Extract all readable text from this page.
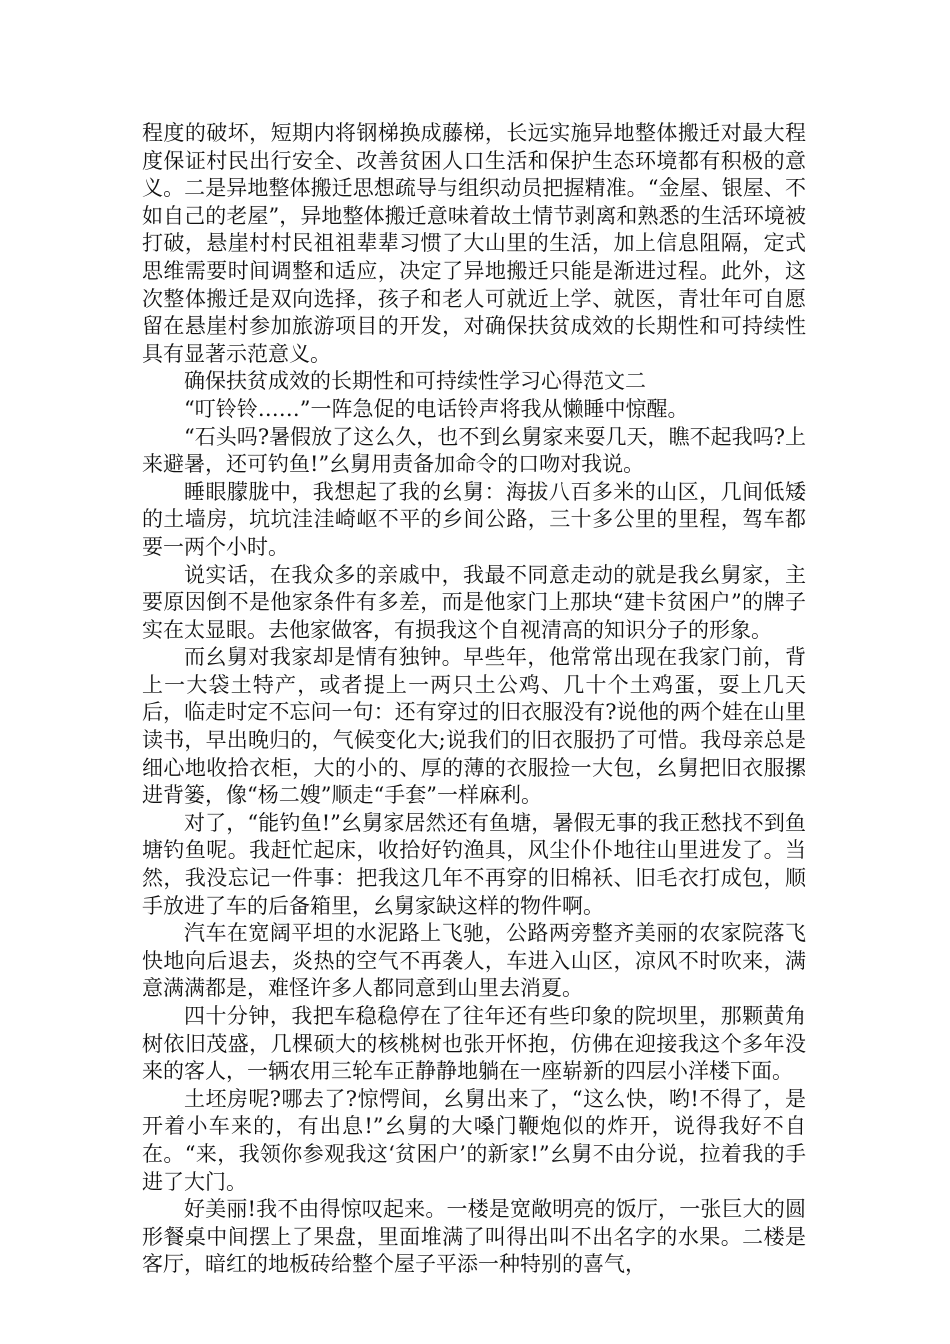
程度的破坏，短期内将钢梯换成藤梯，长远实施异地整体搬迁对最大程度保证村民出行安全、改善贫困人口生活和保护生态环境都有积极的意义。二是异地整体搬迁思想疏导与组织动员把握精准。“金屋、银屋、不如自己的老屋”，异地整体搬迁意味着故土情节剥离和熟悉的生活环境被打破，悬崖村村民祖祖辈辈习惯了大山里的生活，加上信息阻隔，定式思维需要时间调整和适应，决定了异地搬迁只能是渐进过程。此外，这次整体搬迁是双向选择，孩子和老人可就近上学、就医，青壮年可自愿留在悬崖村参加旅游项目的开发，对确保扶贫成效的长期性和可持续性具有显著示范意义。

确保扶贫成效的长期性和可持续性学习心得范文二

“叮铃铃……”一阵急促的电话铃声将我从懒睡中惊醒。

“石头吗?暑假放了这么久，也不到幺舅家来耍几天，瞧不起我吗?上来避暑，还可钓鱼!”幺舅用责备加命令的口吻对我说。

睡眼朦胧中，我想起了我的幺舅：海拔八百多米的山区，几间低矮的土墙房，坑坑洼洼崎岖不平的乡间公路，三十多公里的里程，驾车都要一两个小时。

说实话，在我众多的亲戚中，我最不同意走动的就是我幺舅家，主要原因倒不是他家条件有多差，而是他家门上那块“建卡贫困户”的牌子实在太显眼。去他家做客，有损我这个自视清高的知识分子的形象。

而幺舅对我家却是情有独钟。早些年，他常常出现在我家门前，背上一大袋土特产，或者提上一两只土公鸡、几十个土鸡蛋，耍上几天后，临走时定不忘问一句：还有穿过的旧衣服没有?说他的两个娃在山里读书，早出晚归的，气候变化大;说我们的旧衣服扔了可惜。我母亲总是细心地收拾衣柜，大的小的、厚的薄的衣服捡一大包，幺舅把旧衣服摞进背篓，像“杨二嫂”顺走“手套”一样麻利。

对了，“能钓鱼!”幺舅家居然还有鱼塘，暑假无事的我正愁找不到鱼塘钓鱼呢。我赶忙起床，收拾好钓渔具，风尘仆仆地往山里进发了。当然，我没忘记一件事：把我这几年不再穿的旧棉袄、旧毛衣打成包，顺手放进了车的后备箱里，幺舅家缺这样的物件啊。

汽车在宽阔平坦的水泥路上飞驰，公路两旁整齐美丽的农家院落飞快地向后退去，炎热的空气不再袭人，车进入山区，凉风不时吹来，满意满满都是，难怪许多人都同意到山里去消夏。

四十分钟，我把车稳稳停在了往年还有些印象的院坝里，那颗黄角树依旧茂盛，几棵硕大的核桃树也张开怀抱，仿佛在迎接我这个多年没来的客人，一辆农用三轮车正静静地躺在一座崭新的四层小洋楼下面。

土坯房呢?哪去了?惊愕间，幺舅出来了，“这么快，哟!不得了，是开着小车来的，有出息!”幺舅的大嗓门鞭炮似的炸开，说得我好不自在。“来，我领你参观我这‘贫困户’的新家!”幺舅不由分说，拉着我的手进了大门。

好美丽!我不由得惊叹起来。一楼是宽敞明亮的饭厅，一张巨大的圆形餐桌中间摆上了果盘，里面堆满了叫得出叫不出名字的水果。二楼是客厅，暗红的地板砖给整个屋子平添一种特别的喜气，
